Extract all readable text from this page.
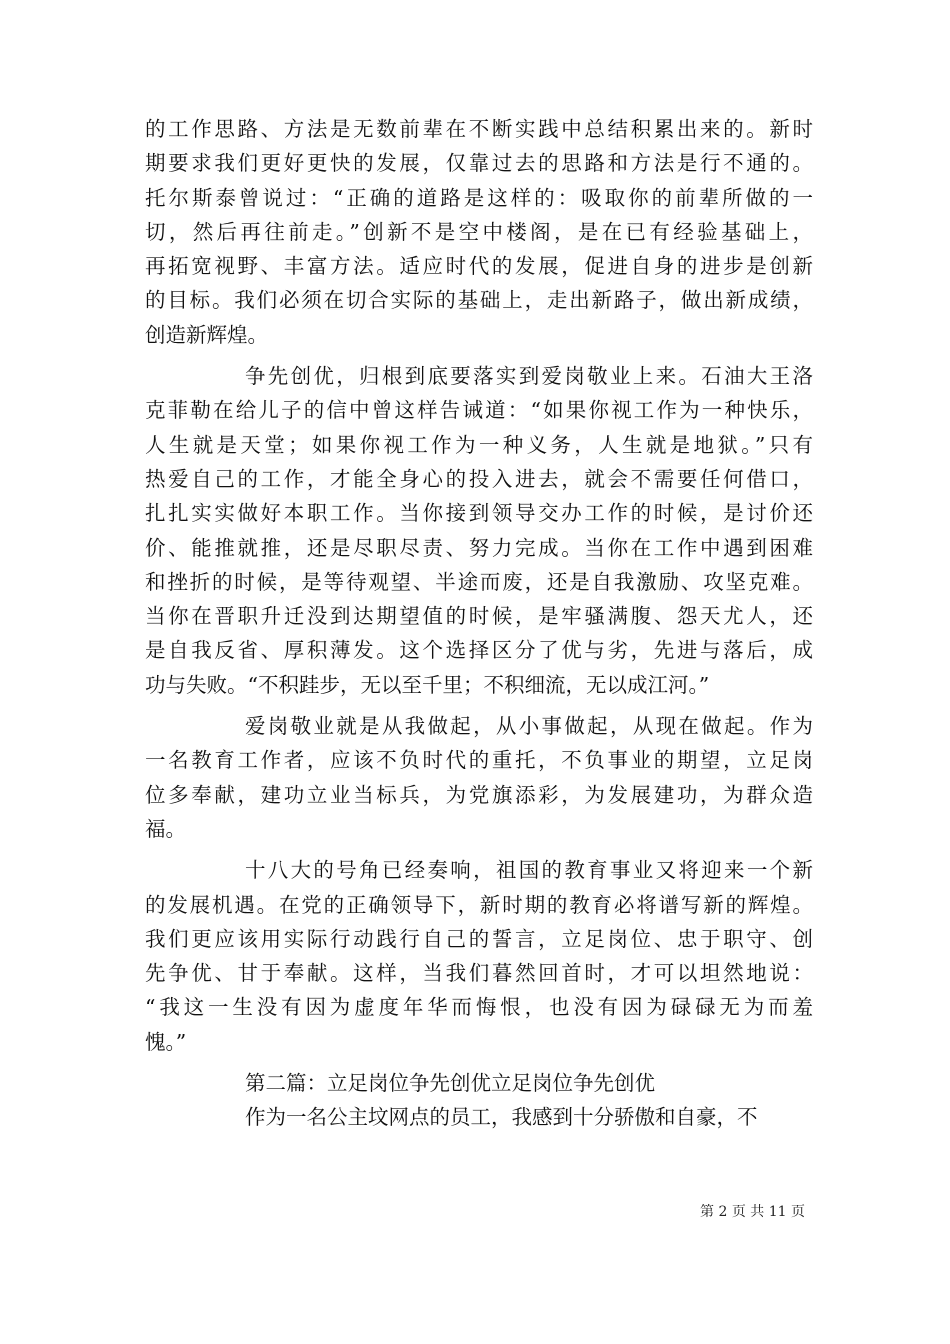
的工作思路、方法是无数前辈在不断实践中总结积累出来的。新时
期要求我们更好更快的发展，仅靠过去的思路和方法是行不通的。
托尔斯泰曾说过：“正确的道路是这样的：吸取你的前辈所做的一
切，然后再往前走。”创新不是空中楼阁，是在已有经验基础上，
再拓宽视野、丰富方法。适应时代的发展，促进自身的进步是创新
的目标。我们必须在切合实际的基础上，走出新路子，做出新成绩，
创造新辉煌。
争先创优，归根到底要落实到爱岗敬业上来。石油大王洛
克菲勒在给儿子的信中曾这样告诫道：“如果你视工作为一种快乐，
人生就是天堂；如果你视工作为一种义务，人生就是地狱。”只有
热爱自己的工作，才能全身心的投入进去，就会不需要任何借口，
扎扎实实做好本职工作。当你接到领导交办工作的时候，是讨价还
价、能推就推，还是尽职尽责、努力完成。当你在工作中遇到困难
和挫折的时候，是等待观望、半途而废，还是自我激励、攻坚克难。
当你在晋职升迁没到达期望值的时候，是牢骚满腹、怨天尤人，还
是自我反省、厚积薄发。这个选择区分了优与劣，先进与落后，成
功与失败。“不积跬步，无以至千里；不积细流，无以成江河。”
爱岗敬业就是从我做起，从小事做起，从现在做起。作为
一名教育工作者，应该不负时代的重托，不负事业的期望，立足岗
位多奉献，建功立业当标兵，为党旗添彩，为发展建功，为群众造
福。
十八大的号角已经奏响，祖国的教育事业又将迎来一个新
的发展机遇。在党的正确领导下，新时期的教育必将谱写新的辉煌。
我们更应该用实际行动践行自己的誓言，立足岗位、忠于职守、创
先争优、甘于奉献。这样，当我们暮然回首时，才可以坦然地说：
“我这一生没有因为虚度年华而悔恨，也没有因为碌碌无为而羞
愧。”
第二篇：立足岗位争先创优立足岗位争先创优
作为一名公主坟网点的员工，我感到十分骄傲和自豪，不
第 2 页 共 11 页
